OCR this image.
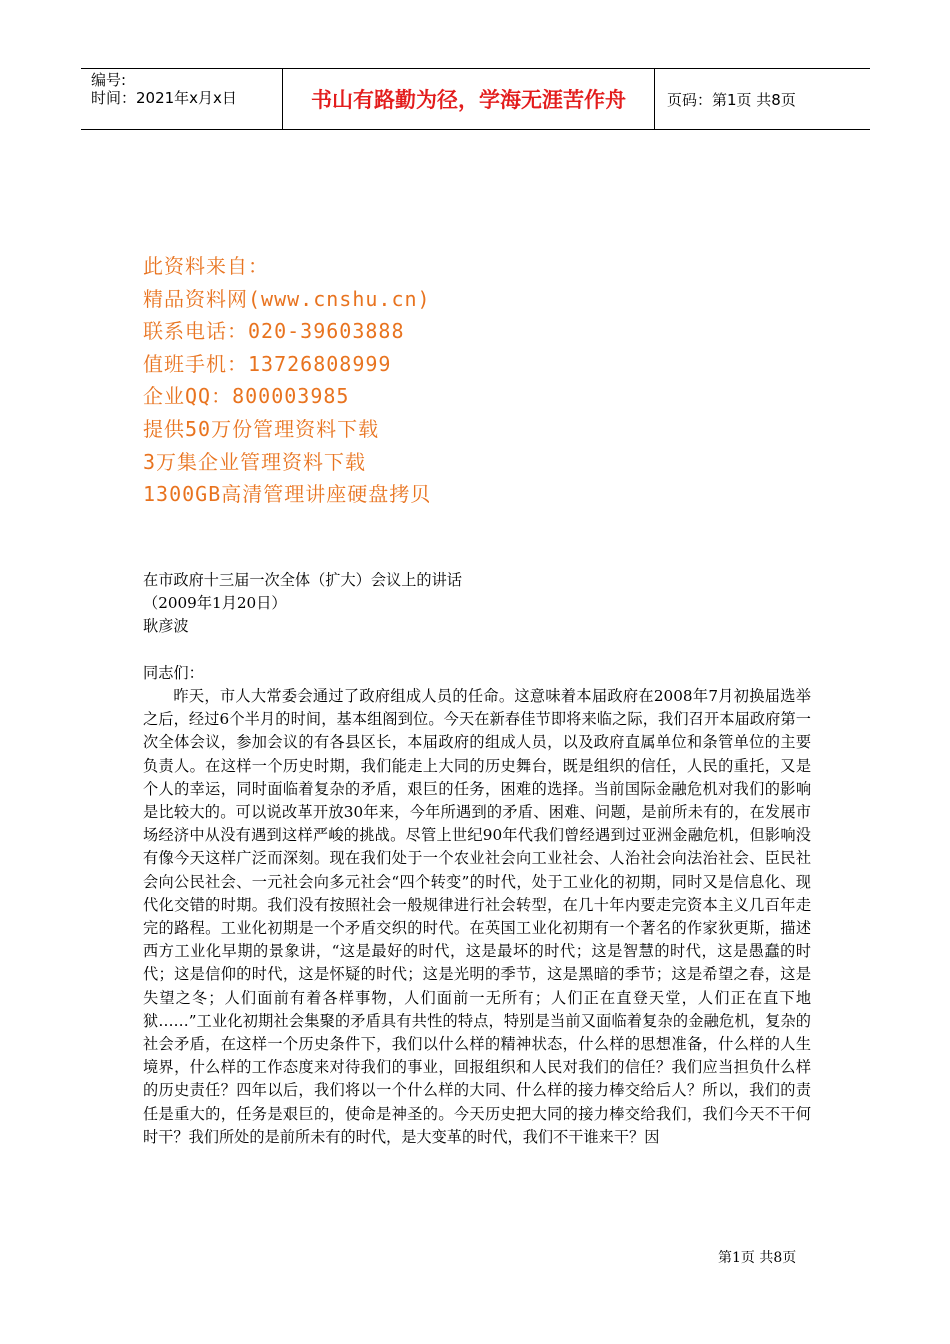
编号:
时间：2021年x月x日	书山有路勤为径，学海无涯苦作舟	页码：第1页 共8页
此资料来自：
精品资料网(www.cnshu.cn)
联系电话：020-39603888
值班手机：13726808999
企业QQ：800003985
提供50万份管理资料下载
3万集企业管理资料下载
1300GB高清管理讲座硬盘拷贝
在市政府十三届一次全体（扩大）会议上的讲话
（2009年1月20日）
耿彦波
同志们：
昨天，市人大常委会通过了政府组成人员的任命。这意味着本届政府在2008年7月初换届选举之后，经过6个半月的时间，基本组阁到位。今天在新春佳节即将来临之际，我们召开本届政府第一次全体会议，参加会议的有各县区长，本届政府的组成人员，以及政府直属单位和条管单位的主要负责人。在这样一个历史时期，我们能走上大同的历史舞台，既是组织的信任，人民的重托，又是个人的幸运，同时面临着复杂的矛盾，艰巨的任务，困难的选择。当前国际金融危机对我们的影响是比较大的。可以说改革开放30年来，今年所遇到的矛盾、困难、问题，是前所未有的，在发展市场经济中从没有遇到这样严峻的挑战。尽管上世纪90年代我们曾经遇到过亚洲金融危机，但影响没有像今天这样广泛而深刻。现在我们处于一个农业社会向工业社会、人治社会向法治社会、臣民社会向公民社会、一元社会向多元社会“四个转变”的时代，处于工业化的初期，同时又是信息化、现代化交错的时期。我们没有按照社会一般规律进行社会转型，在几十年内要走完资本主义几百年走完的路程。工业化初期是一个矛盾交织的时代。在英国工业化初期有一个著名的作家狄更斯，描述西方工业化早期的景象讲，“这是最好的时代，这是最坏的时代；这是智慧的时代，这是愚蠢的时代；这是信仰的时代，这是怀疑的时代；这是光明的季节，这是黑暗的季节；这是希望之春，这是失望之冬；人们面前有着各样事物，人们面前一无所有；人们正在直登天堂，人们正在直下地狱……”工业化初期社会集聚的矛盾具有共性的特点，特别是当前又面临着复杂的金融危机，复杂的社会矛盾，在这样一个历史条件下，我们以什么样的精神状态，什么样的思想准备，什么样的人生境界，什么样的工作态度来对待我们的事业，回报组织和人民对我们的信任？我们应当担负什么样的历史责任？四年以后，我们将以一个什么样的大同、什么样的接力棒交给后人？所以，我们的责任是重大的，任务是艰巨的，使命是神圣的。今天历史把大同的接力棒交给我们，我们今天不干何时干？我们所处的是前所未有的时代，是大变革的时代，我们不干谁来干？因
第1页 共8页
